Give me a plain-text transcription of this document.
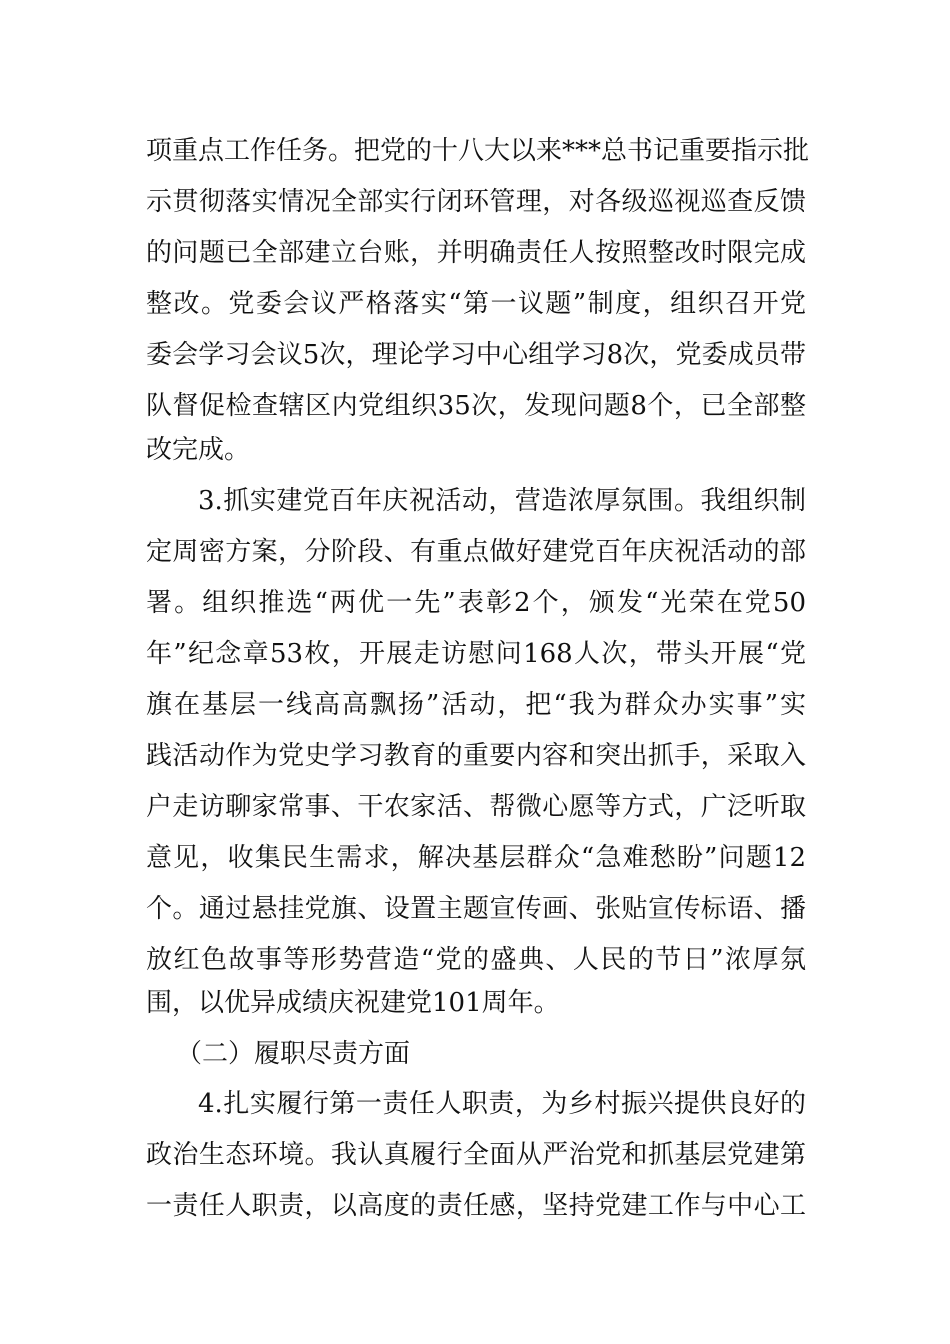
项重点工作任务。把党的十八大以来***总书记重要指示批
示贯彻落实情况全部实行闭环管理，对各级巡视巡查反馈
的问题已全部建立台账，并明确责任人按照整改时限完成
整改。党委会议严格落实“第一议题”制度，组织召开党
委会学习会议5次，理论学习中心组学习8次，党委成员带
队督促检查辖区内党组织35次，发现问题8个，已全部整
改完成。
3.抓实建党百年庆祝活动，营造浓厚氛围。我组织制
定周密方案，分阶段、有重点做好建党百年庆祝活动的部
署。组织推选“两优一先”表彰2个，颁发“光荣在党50
年”纪念章53枚，开展走访慰问168人次，带头开展“党
旗在基层一线高高飘扬”活动，把“我为群众办实事”实
践活动作为党史学习教育的重要内容和突出抓手，采取入
户走访聊家常事、干农家活、帮微心愿等方式，广泛听取
意见，收集民生需求，解决基层群众“急难愁盼”问题12
个。通过悬挂党旗、设置主题宣传画、张贴宣传标语、播
放红色故事等形势营造“党的盛典、人民的节日”浓厚氛
围，以优异成绩庆祝建党101周年。
（二）履职尽责方面
4.扎实履行第一责任人职责，为乡村振兴提供良好的
政治生态环境。我认真履行全面从严治党和抓基层党建第
一责任人职责，以高度的责任感，坚持党建工作与中心工
